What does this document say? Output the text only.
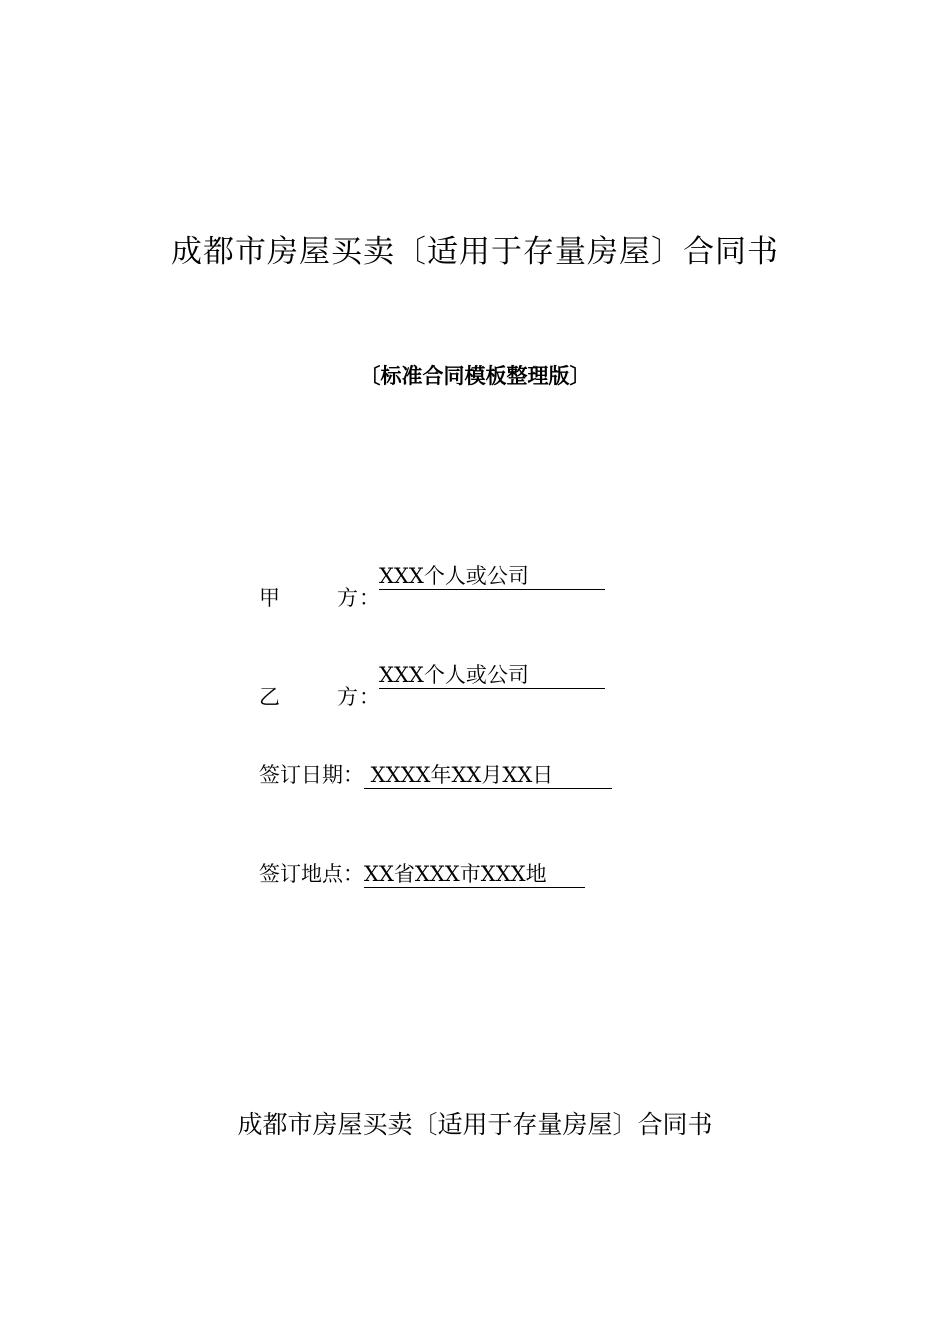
成都市房屋买卖〔适用于存量房屋〕合同书
〔标准合同模板整理版〕
甲	方 ：
XXX个人或公司
乙	方 ：
XXX个人或公司
签订日期： XXXX年XX月XX日
签订地点：XX省XXX市XXX地
成都市房屋买卖〔适用于存量房屋〕合同书
